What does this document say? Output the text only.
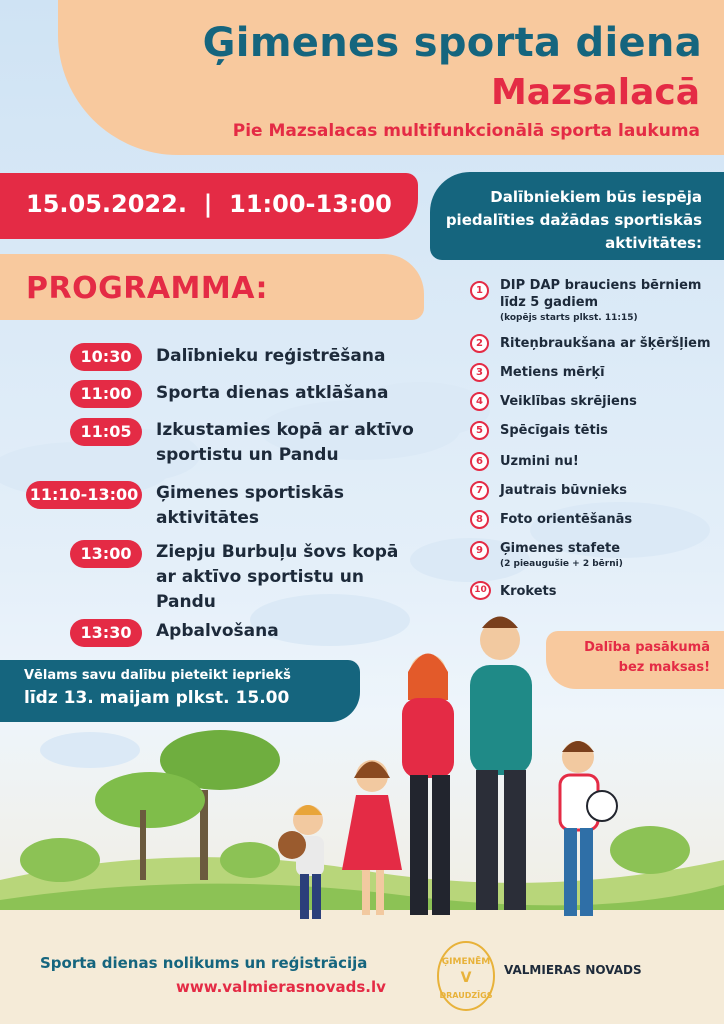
Ģimenes sporta diena
Mazsalacā
Pie Mazsalacas multifunkcionālā sporta laukuma
15.05.2022.  |  11:00-13:00	Dalībniekiem būs iespēja piedalīties dažādas sportiskās aktivitātes:
PROGRAMMA:
10:30	Dalībnieku reģistrēšana
11:00	Sporta dienas atklāšana
11:05	Izkustamies kopā ar aktīvo sportistu un Pandu
11:10-13:00 Ģimenes sportiskās aktivitātes
13:00	Ziepju Burbuļu šovs kopā ar aktīvo sportistu un Pandu
13:30	Apbalvošana
1	DIP DAP brauciens bērniem līdz 5 gadiem
(kopējs starts plkst. 11:15)
2	Riteņbraukšana ar šķēršļiem
3	Metiens mērķī
4	Veiklības skrējiens
5	Spēcīgais tētis
6	Uzmini nu!
7	Jautrais būvnieks
8	Foto orientēšanās
9	Ģimenes stafete
(2 pieaugušie + 2 bērni)
10	Krokets
Dalība pasākumā
bez maksas!
Vēlams savu dalību pieteikt iepriekš
līdz 13. maijam plkst. 15.00
Sporta dienas nolikums un reģistrācija
www.valmierasnovads.lv
ĢIMENĒM
V
DRAUDZĪGS
VALMIERAS NOVADS
